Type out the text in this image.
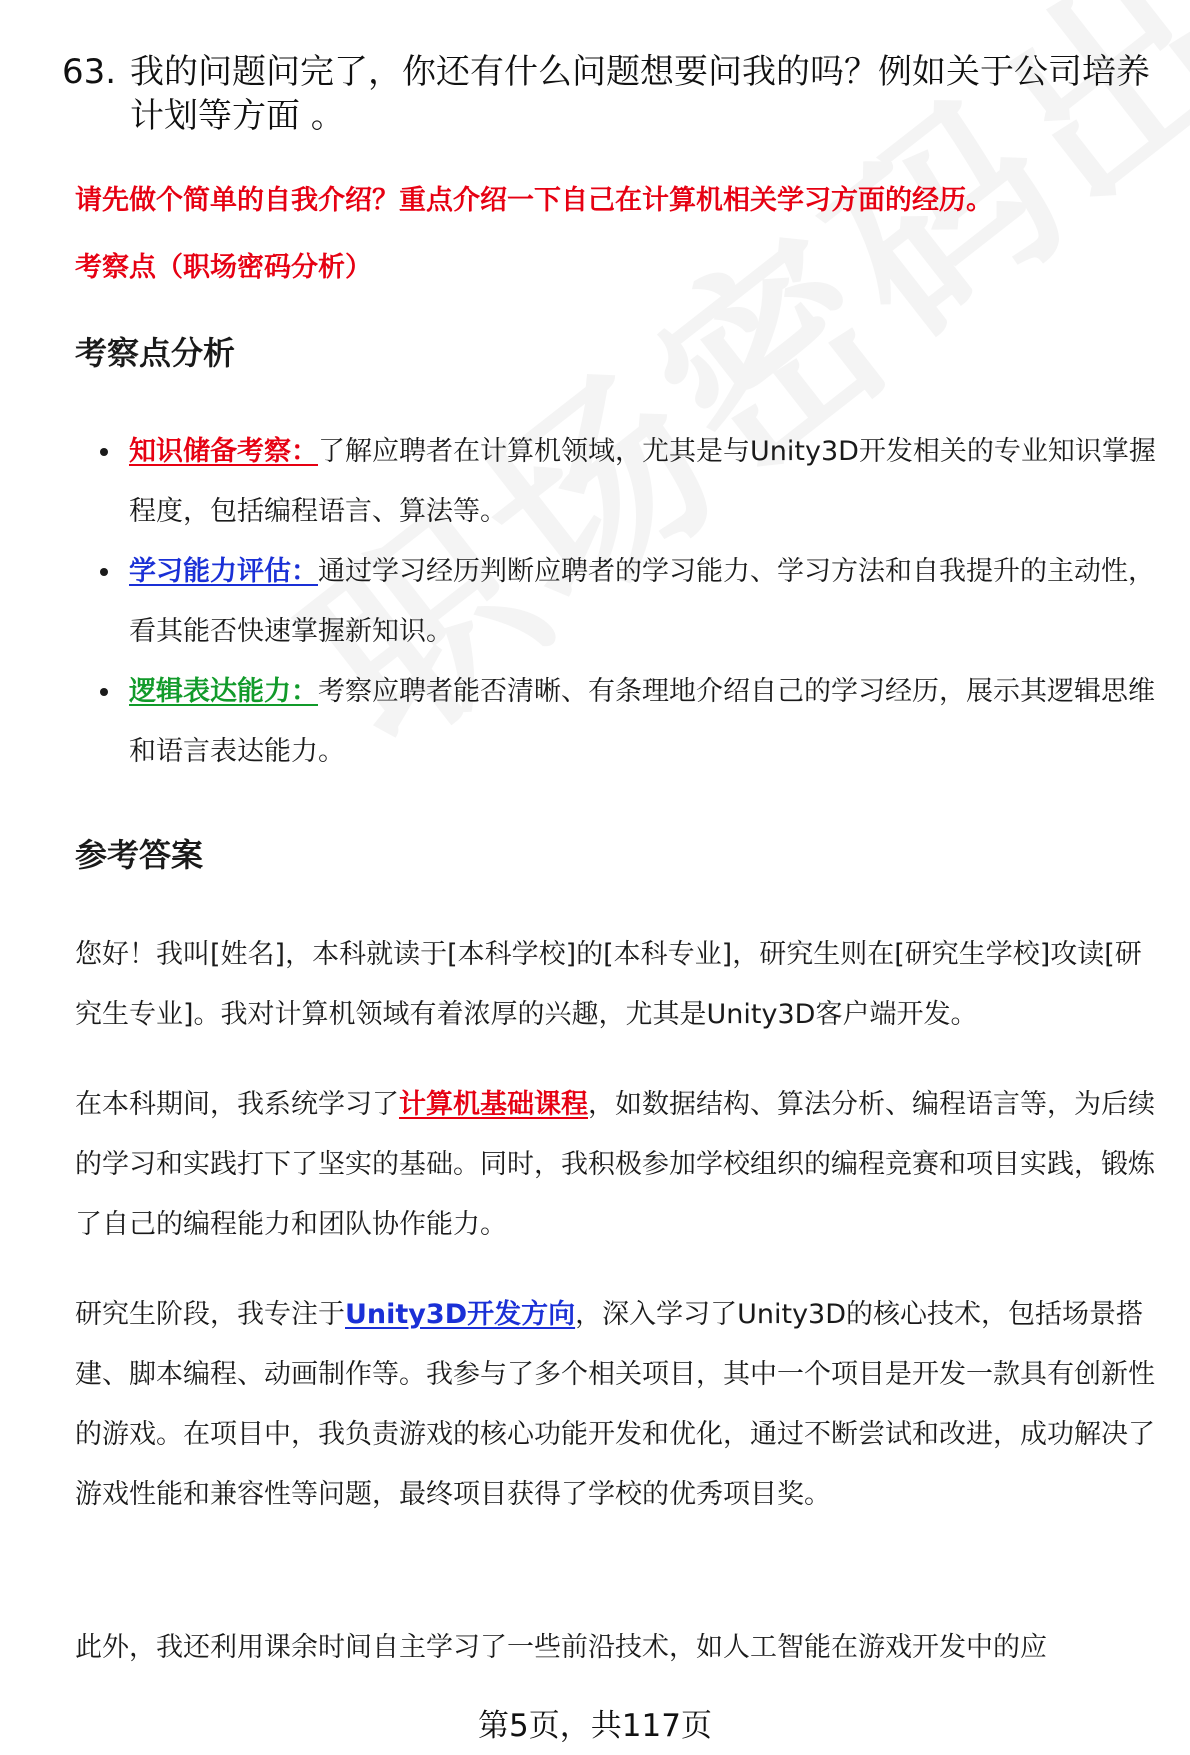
63. 我的问题问完了，你还有什么问题想要问我的吗？例如关于公司培养计划等方面 。
请先做个简单的自我介绍？重点介绍一下自己在计算机相关学习方面的经历。
考察点（职场密码分析）
考察点分析
知识储备考察：了解应聘者在计算机领域，尤其是与Unity3D开发相关的专业知识掌握程度，包括编程语言、算法等。
学习能力评估：通过学习经历判断应聘者的学习能力、学习方法和自我提升的主动性，看其能否快速掌握新知识。
逻辑表达能力：考察应聘者能否清晰、有条理地介绍自己的学习经历，展示其逻辑思维和语言表达能力。
参考答案

您好！我叫[姓名]，本科就读于[本科学校]的[本科专业]，研究生则在[研究生学校]攻读[研究生专业]。我对计算机领域有着浓厚的兴趣，尤其是Unity3D客户端开发。

在本科期间，我系统学习了计算机基础课程，如数据结构、算法分析、编程语言等，为后续的学习和实践打下了坚实的基础。同时，我积极参加学校组织的编程竞赛和项目实践，锻炼了自己的编程能力和团队协作能力。

研究生阶段，我专注于Unity3D开发方向，深入学习了Unity3D的核心技术，包括场景搭建、脚本编程、动画制作等。我参与了多个相关项目，其中一个项目是开发一款具有创新性的游戏。在项目中，我负责游戏的核心功能开发和优化，通过不断尝试和改进，成功解决了游戏性能和兼容性等问题，最终项目获得了学校的优秀项目奖。

此外，我还利用课余时间自主学习了一些前沿技术，如人工智能在游戏开发中的应

第5页，共117页
